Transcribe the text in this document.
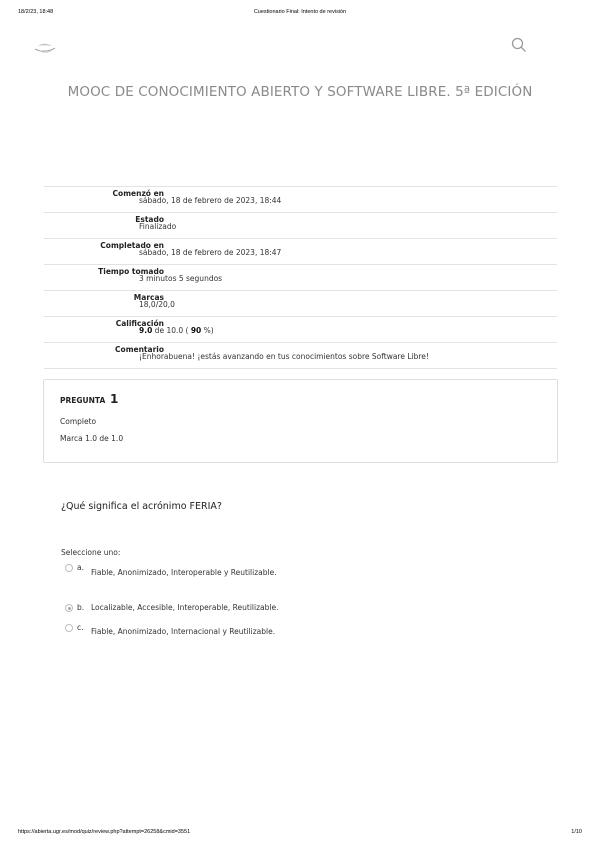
18/2/23, 18:48	Cuestionario Final: Intento de revisión
MOOC DE CONOCIMIENTO ABIERTO Y SOFTWARE LIBRE. 5ª EDICIÓN
Comenzó en
sábado, 18 de febrero de 2023, 18:44
Estado
Finalizado
Completado en
sábado, 18 de febrero de 2023, 18:47
Tiempo tomado
3 minutos 5 segundos
Marcas
18,0/20,0
Calificación
9.0 de 10.0 ( 90 %)
Comentario
¡Enhorabuena! ¡estás avanzando en tus conocimientos sobre Software Libre!
PREGUNTA 1
Completo
Marca 1.0 de 1.0
¿Qué significa el acrónimo FERIA?
Seleccione uno:
a.
Fiable, Anonimizado, Interoperable y Reutilizable.
b. Localizable, Accesible, Interoperable, Reutilizable.
c. Fiable, Anonimizado, Internacional y Reutilizable.
https://abierta.ugr.es/mod/quiz/review.php?attempt=26258&cmid=3551	1/10
